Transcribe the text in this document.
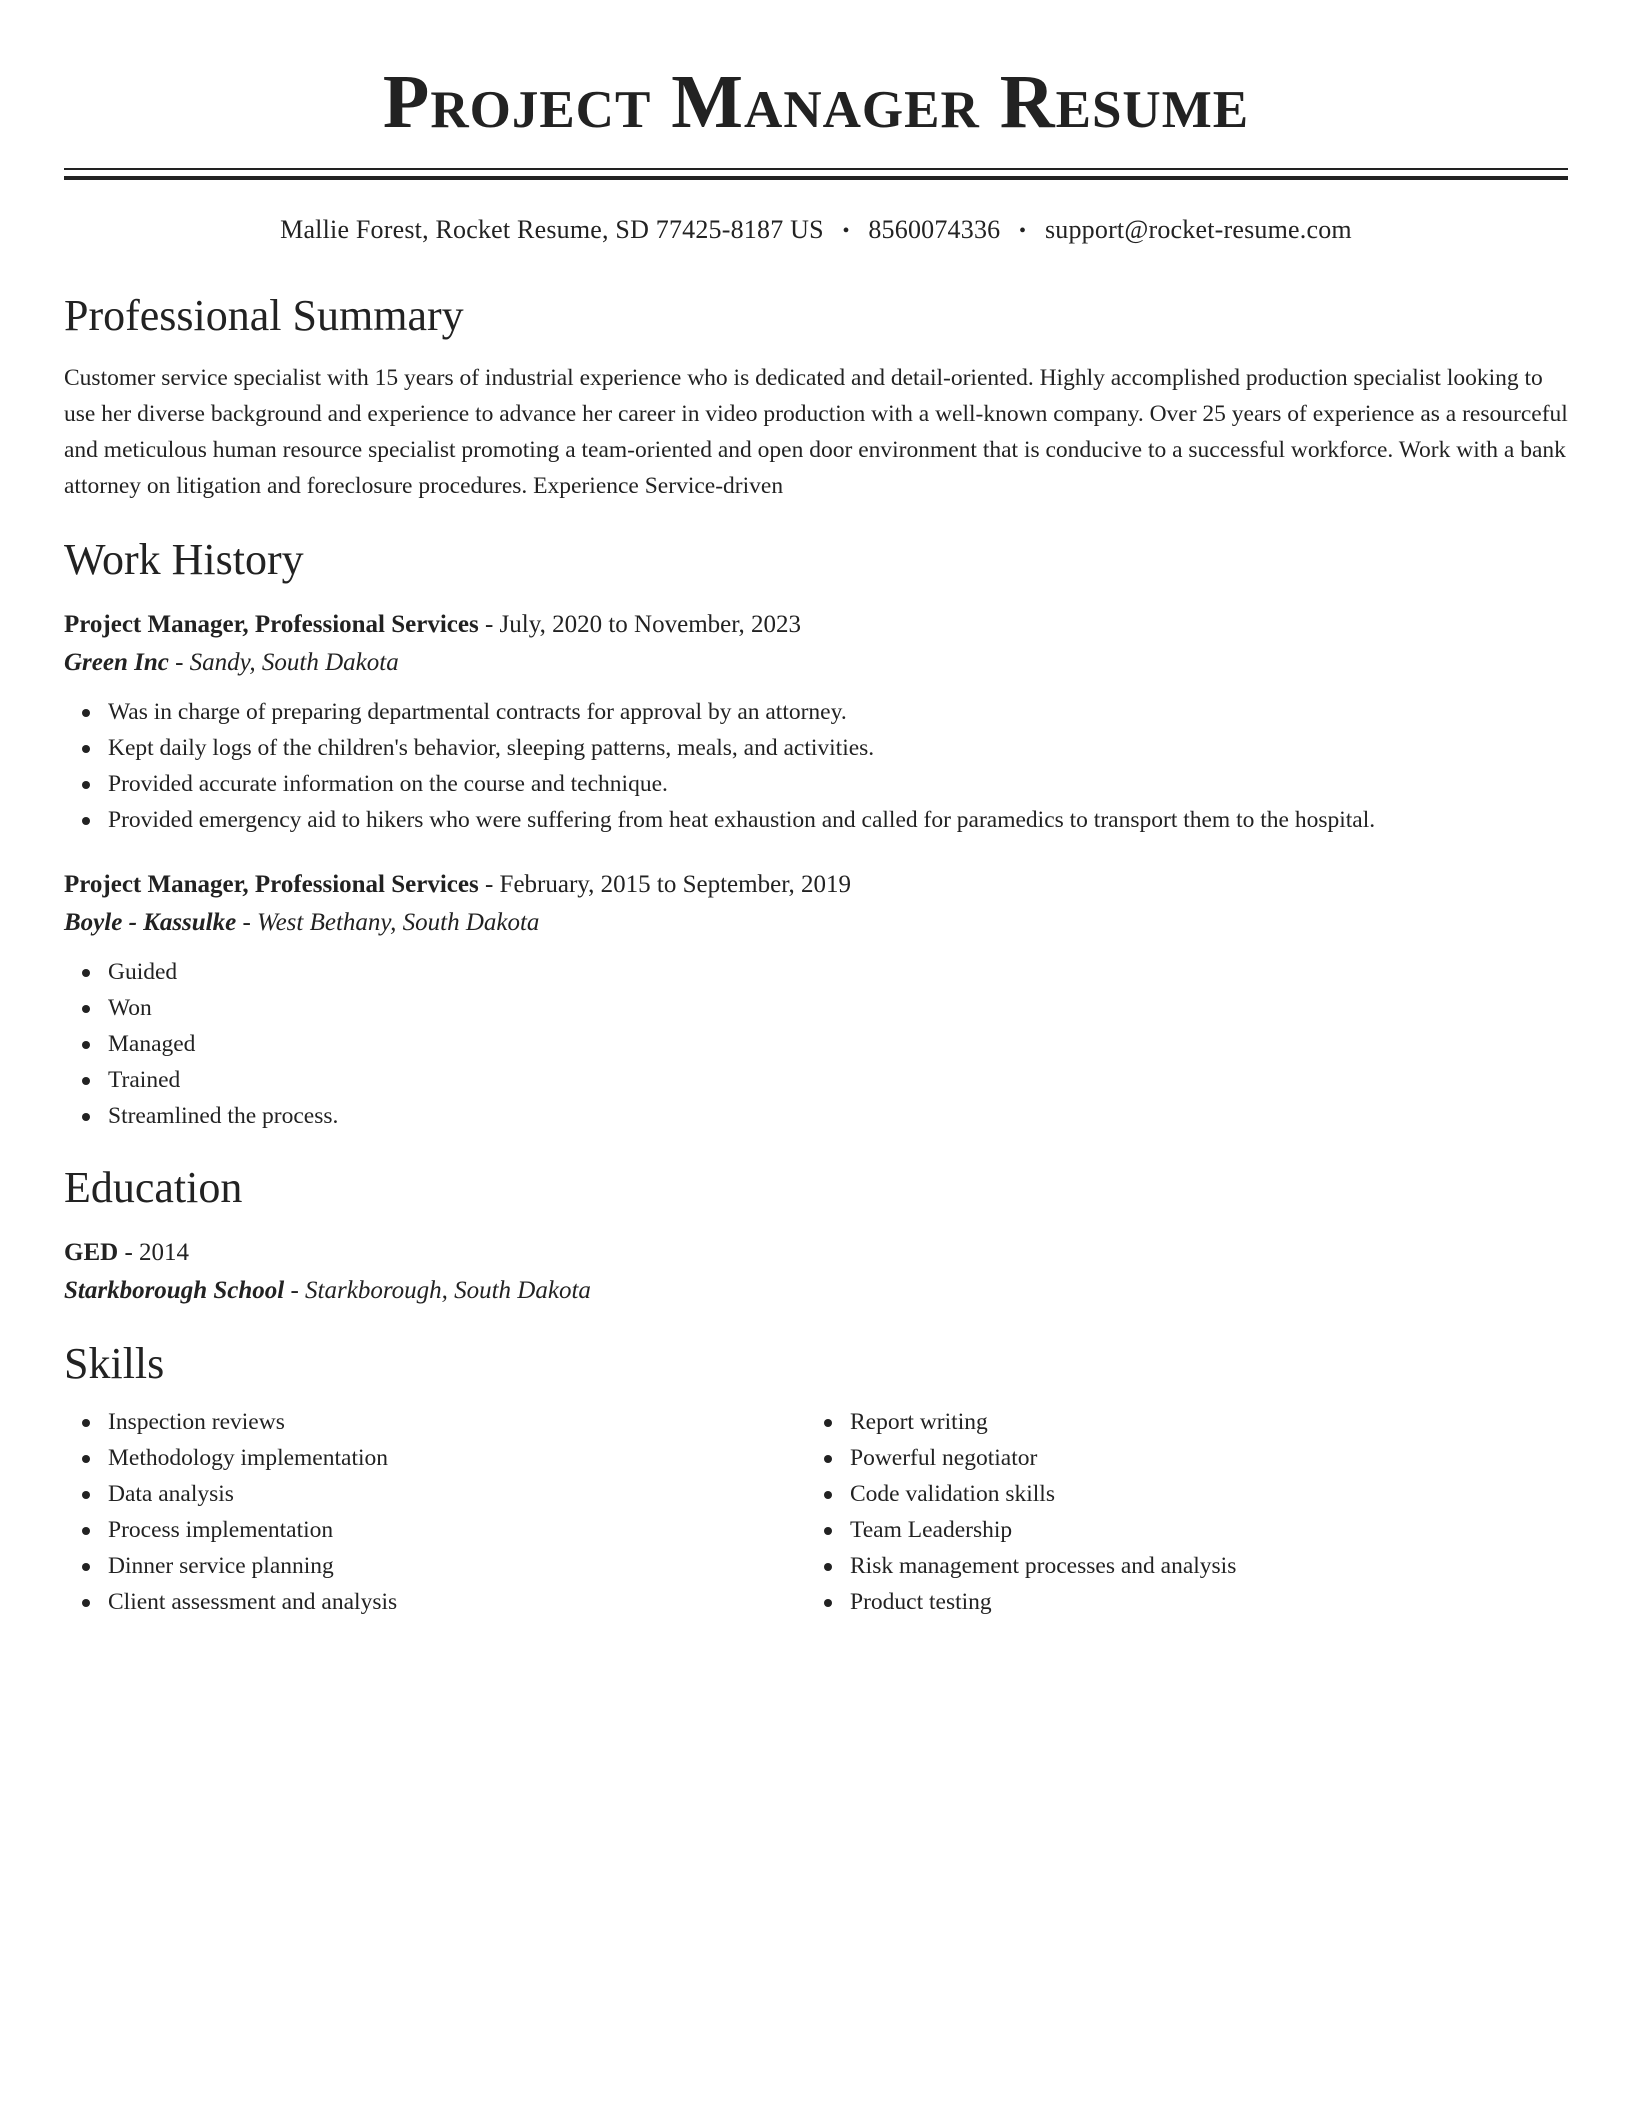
Project Manager Resume
Mallie Forest, Rocket Resume, SD 77425-8187 US • 8560074336 • support@rocket-resume.com
Professional Summary

Customer service specialist with 15 years of industrial experience who is dedicated and detail-oriented. Highly accomplished production specialist looking to use her diverse background and experience to advance her career in video production with a well-known company. Over 25 years of experience as a resourceful and meticulous human resource specialist promoting a team-oriented and open door environment that is conducive to a successful workforce. Work with a bank attorney on litigation and foreclosure procedures. Experience Service-driven

Work History
Project Manager, Professional Services - July, 2020 to November, 2023
Green Inc - Sandy, South Dakota
Was in charge of preparing departmental contracts for approval by an attorney.
Kept daily logs of the children's behavior, sleeping patterns, meals, and activities.
Provided accurate information on the course and technique.
Provided emergency aid to hikers who were suffering from heat exhaustion and called for paramedics to transport them to the hospital.
Project Manager, Professional Services - February, 2015 to September, 2019
Boyle - Kassulke - West Bethany, South Dakota
Guided
Won
Managed
Trained
Streamlined the process.
Education
GED - 2014
Starkborough School - Starkborough, South Dakota
Skills
Inspection reviews
Methodology implementation
Data analysis
Process implementation
Dinner service planning
Client assessment and analysis
Report writing
Powerful negotiator
Code validation skills
Team Leadership
Risk management processes and analysis
Product testing
